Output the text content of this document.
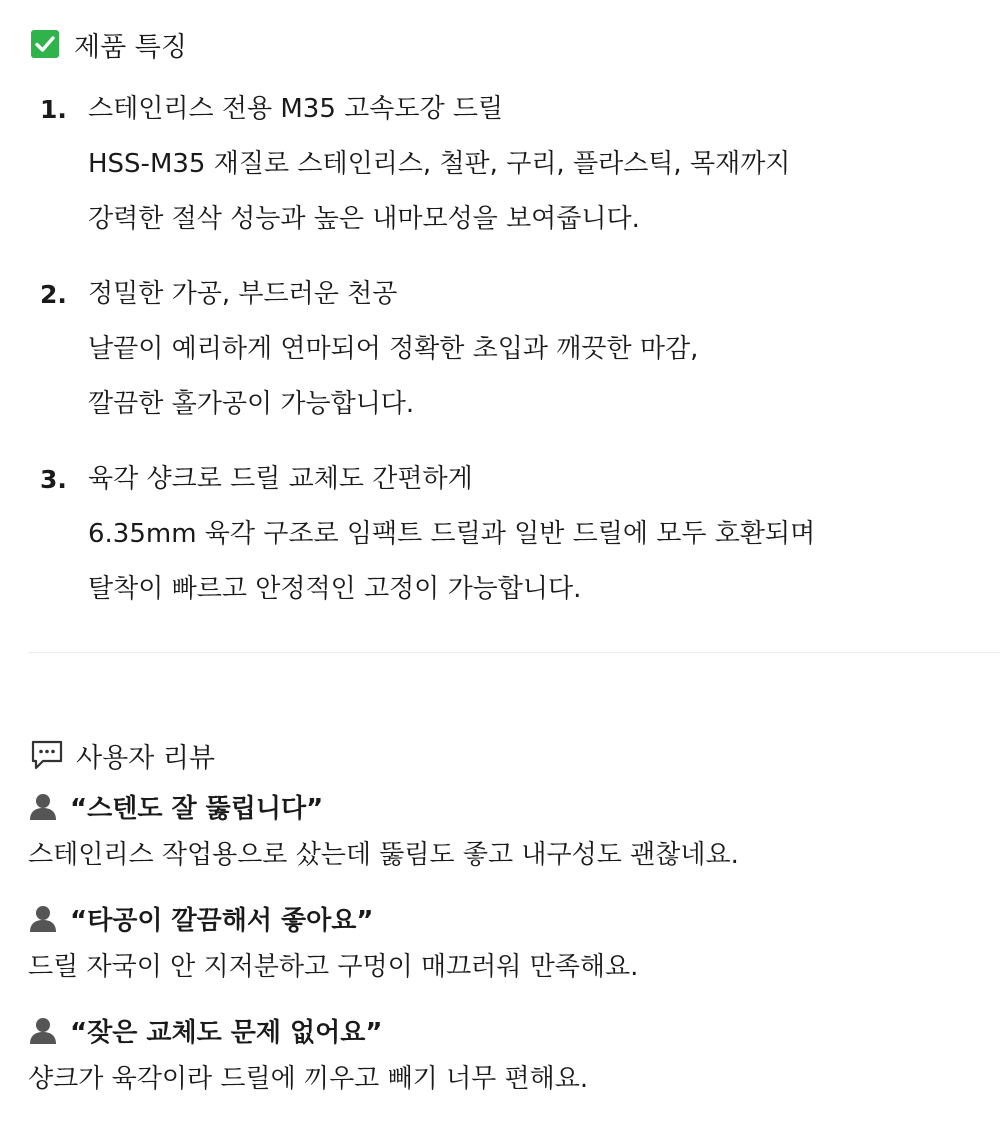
제품 특징
1. 스테인리스 전용 M35 고속도강 드릴
HSS-M35 재질로 스테인리스, 철판, 구리, 플라스틱, 목재까지
강력한 절삭 성능과 높은 내마모성을 보여줍니다.
2. 정밀한 가공, 부드러운 천공
날끝이 예리하게 연마되어 정확한 초입과 깨끗한 마감,
깔끔한 홀가공이 가능합니다.
3. 육각 샹크로 드릴 교체도 간편하게
6.35mm 육각 구조로 임팩트 드릴과 일반 드릴에 모두 호환되며
탈착이 빠르고 안정적인 고정이 가능합니다.
사용자 리뷰
“스텐도 잘 뚫립니다”
스테인리스 작업용으로 샀는데 뚫림도 좋고 내구성도 괜찮네요.
“타공이 깔끔해서 좋아요”
드릴 자국이 안 지저분하고 구멍이 매끄러워 만족해요.
“잦은 교체도 문제 없어요”
샹크가 육각이라 드릴에 끼우고 빼기 너무 편해요.
